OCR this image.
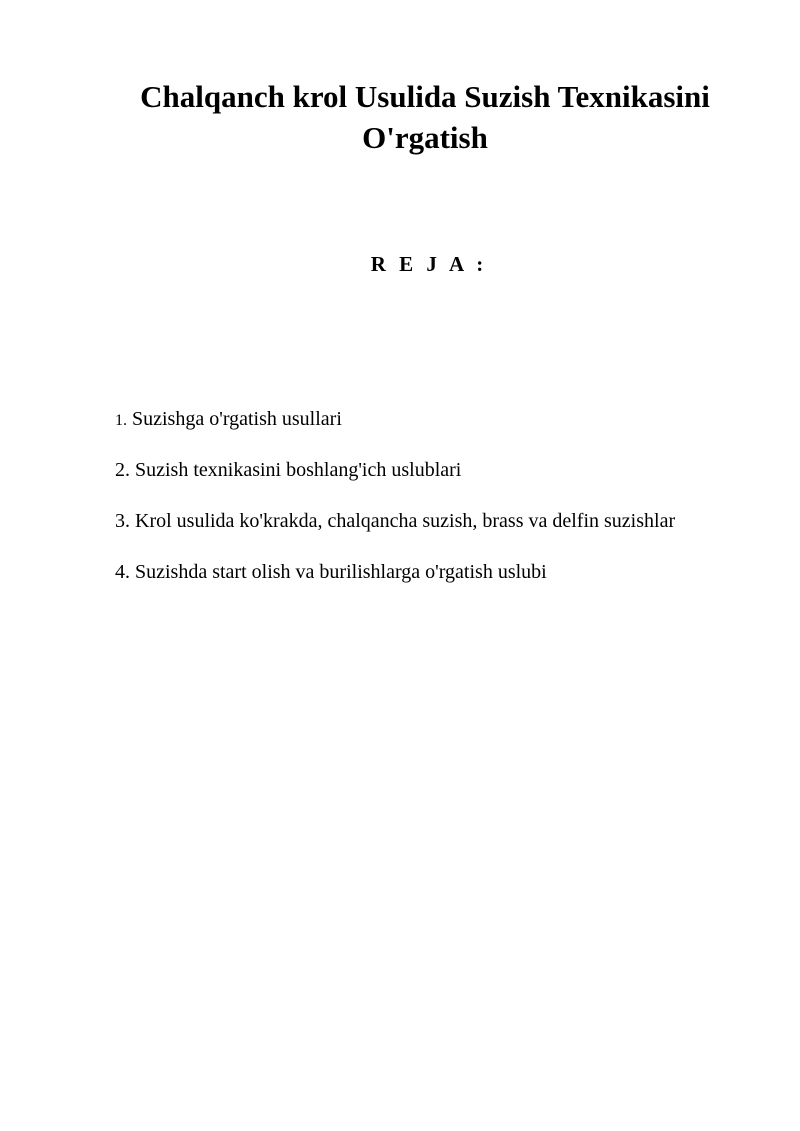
Chalqanch krol Usulida Suzish Texnikasini
O'rgatish
R E J A :
1. Suzishga o'rgatish usullari
2. Suzish texnikasini boshlang'ich uslublari
3. Krol usulida ko'krakda, chalqancha suzish, brass va delfin suzishlar
4. Suzishda start olish va burilishlarga o'rgatish uslubi
